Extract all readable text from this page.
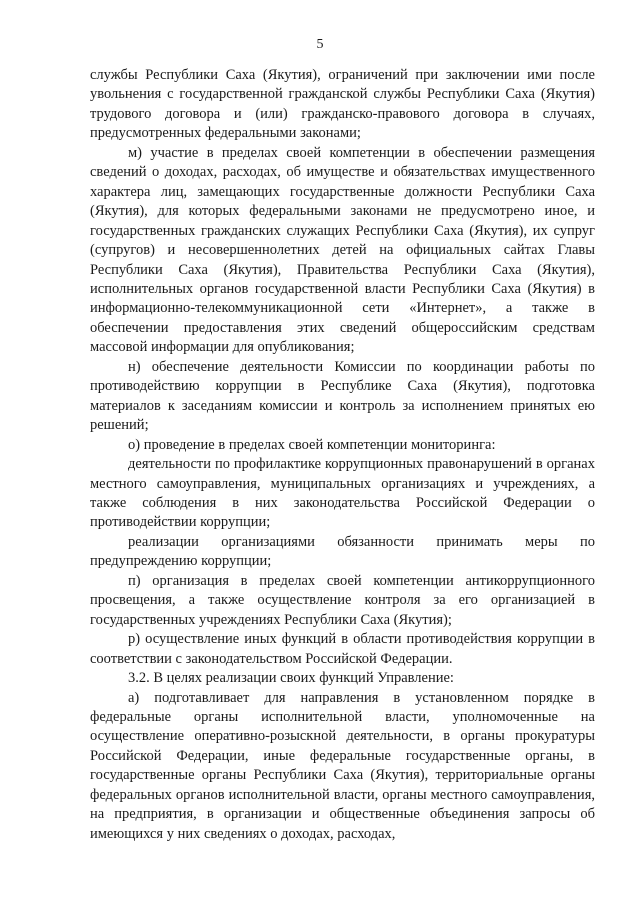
5

службы Республики Саха (Якутия), ограничений при заключении ими после увольнения с государственной гражданской службы Республики Саха (Якутия) трудового договора и (или) гражданско-правового договора в случаях, предусмотренных федеральными законами;

м) участие в пределах своей компетенции в обеспечении размещения сведений о доходах, расходах, об имуществе и обязательствах имущественного характера лиц, замещающих государственные должности Республики Саха (Якутия), для которых федеральными законами не предусмотрено иное, и государственных гражданских служащих Республики Саха (Якутия), их супруг (супругов) и несовершеннолетних детей на официальных сайтах Главы Республики Саха (Якутия), Правительства Республики Саха (Якутия), исполнительных органов государственной власти Республики Саха (Якутия) в информационно-телекоммуникационной сети «Интернет», а также в обеспечении предоставления этих сведений общероссийским средствам массовой информации для опубликования;

н) обеспечение деятельности Комиссии по координации работы по противодействию коррупции в Республике Саха (Якутия), подготовка материалов к заседаниям комиссии и контроль за исполнением принятых ею решений;

о) проведение в пределах своей компетенции мониторинга:

деятельности по профилактике коррупционных правонарушений в органах местного самоуправления, муниципальных организациях и учреждениях, а также соблюдения в них законодательства Российской Федерации о противодействии коррупции;

реализации организациями обязанности принимать меры по предупреждению коррупции;

п) организация в пределах своей компетенции антикоррупционного просвещения, а также осуществление контроля за его организацией в государственных учреждениях Республики Саха (Якутия);

р) осуществление иных функций в области противодействия коррупции в соответствии с законодательством Российской Федерации.

3.2. В целях реализации своих функций Управление:

а) подготавливает для направления в установленном порядке в федеральные органы исполнительной власти, уполномоченные на осуществление оперативно-розыскной деятельности, в органы прокуратуры Российской Федерации, иные федеральные государственные органы, в государственные органы Республики Саха (Якутия), территориальные органы федеральных органов исполнительной власти, органы местного самоуправления, на предприятия, в организации и общественные объединения запросы об имеющихся у них сведениях о доходах, расходах,
